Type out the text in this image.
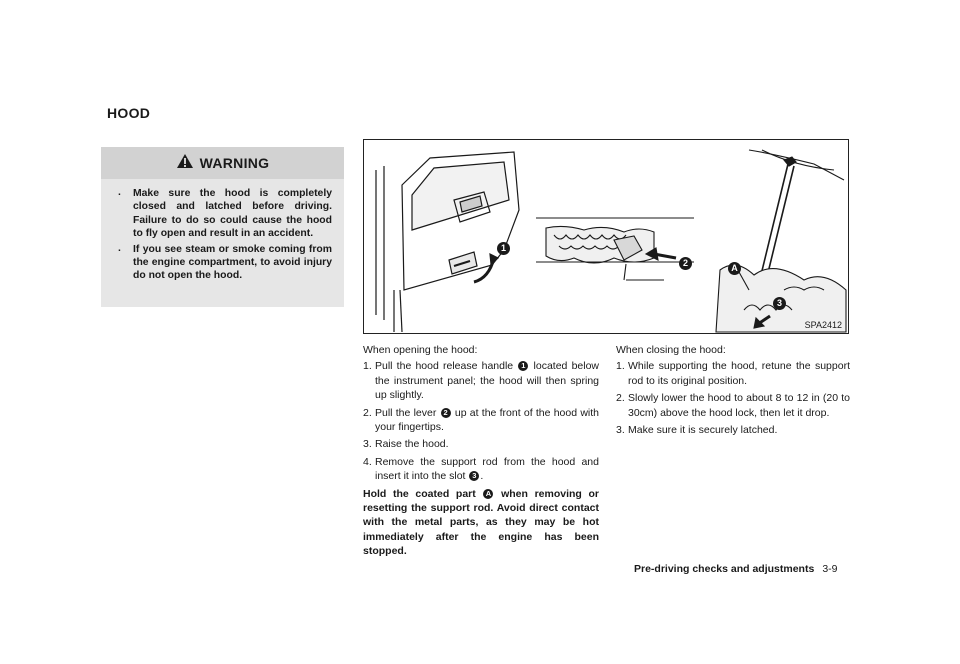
HOOD
WARNING
. Make sure the hood is completely closed and latched before driving. Failure to do so could cause the hood to fly open and result in an accident.
. If you see steam or smoke coming from the engine compartment, to avoid injury do not open the hood.
1
2	A
3
SPA2412

When opening the hood:

1. Pull the hood release handle 1 located below the instrument panel; the hood will then spring up slightly.
2. Pull the lever 2 up at the front of the hood with your fingertips.
3. Raise the hood.
4. Remove the support rod from the hood and insert it into the slot 3 .

Hold the coated part A when removing or resetting the support rod. Avoid direct contact with the metal parts, as they may be hot immediately after the engine has been stopped.

When closing the hood:

1. While supporting the hood, retune the support rod to its original position.
2. Slowly lower the hood to about 8 to 12 in (20 to 30cm) above the hood lock, then let it drop.
3. Make sure it is securely latched.
Pre-driving checks and adjustments 3-9
